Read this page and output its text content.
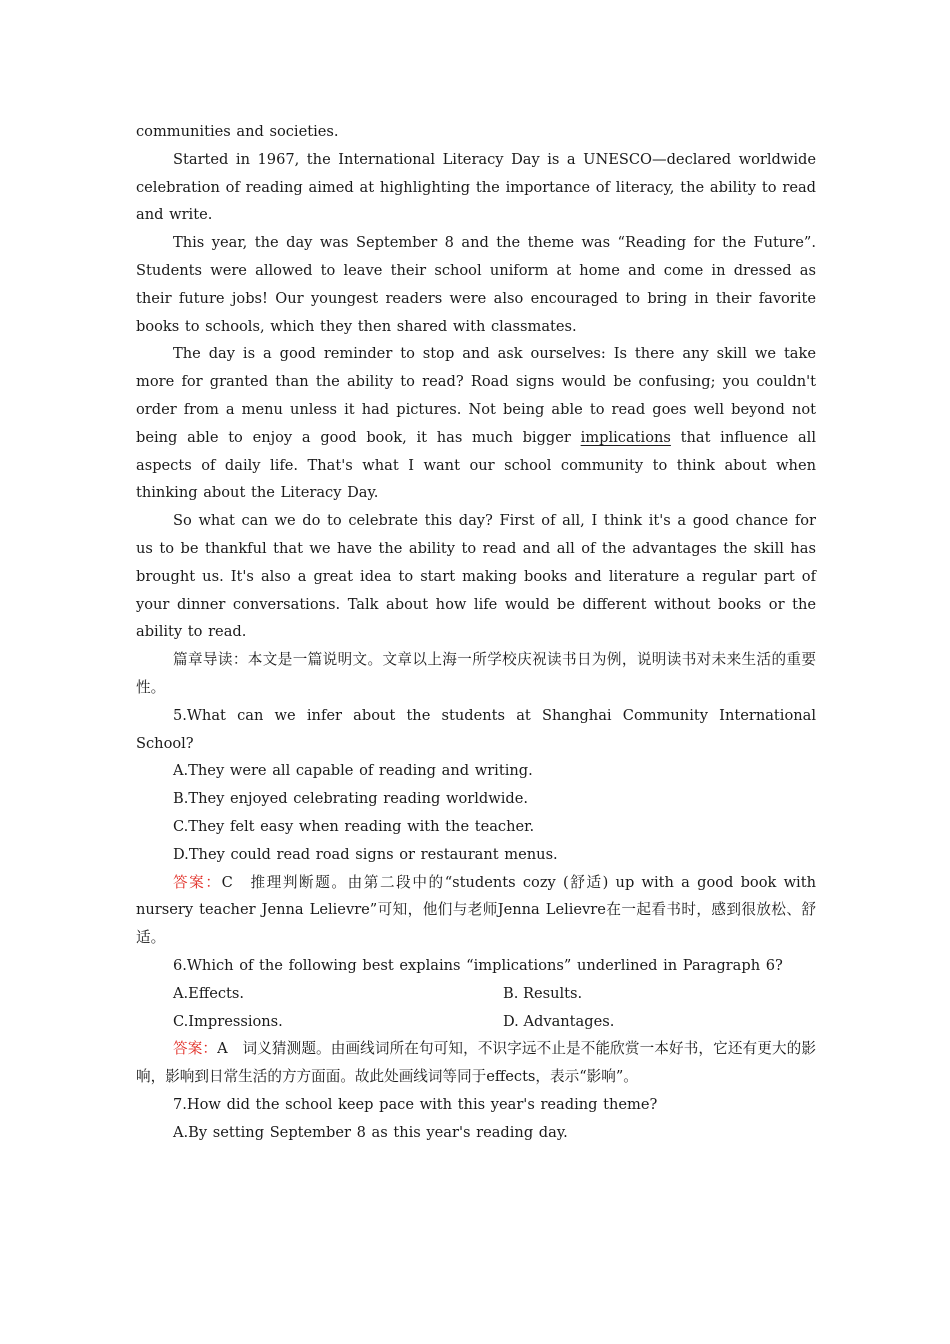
communities and societies.

Started in 1967, the International Literacy Day is a UNESCO—declared worldwide celebration of reading aimed at highlighting the importance of literacy, the ability to read and write.

This year, the day was September 8 and the theme was “Reading for the Future”. Students were allowed to leave their school uniform at home and come in dressed as their future jobs! Our youngest readers were also encouraged to bring in their favorite books to schools, which they then shared with classmates.

The day is a good reminder to stop and ask ourselves: Is there any skill we take more for granted than the ability to read? Road signs would be confusing; you couldn't order from a menu unless it had pictures. Not being able to read goes well beyond not being able to enjoy a good book, it has much bigger implications that influence all aspects of daily life. That's what I want our school community to think about when thinking about the Literacy Day.

So what can we do to celebrate this day? First of all, I think it's a good chance for us to be thankful that we have the ability to read and all of the advantages the skill has brought us. It's also a great idea to start making books and literature a regular part of your dinner conversations. Talk about how life would be different without books or the ability to read.

篇章导读：本文是一篇说明文。文章以上海一所学校庆祝读书日为例，说明读书对未来生活的重要性。

5.What can we infer about the students at Shanghai Community International School?

A.They were all capable of reading and writing.

B.They enjoyed celebrating reading worldwide.

C.They felt easy when reading with the teacher.

D.They could read road signs or restaurant menus.

答案：C　推理判断题。由第二段中的“students cozy (舒适) up with a good book with nursery teacher Jenna Lelievre”可知，他们与老师Jenna Lelievre在一起看书时，感到很放松、舒适。

6.Which of the following best explains “implications” underlined in Paragraph 6?

A.Effects.	B. Results.
C.Impressions.	D. Advantages.

答案：A　词义猜测题。由画线词所在句可知，不识字远不止是不能欣赏一本好书，它还有更大的影响，影响到日常生活的方方面面。故此处画线词等同于effects，表示“影响”。

7.How did the school keep pace with this year's reading theme?

A.By setting September 8 as this year's reading day.
